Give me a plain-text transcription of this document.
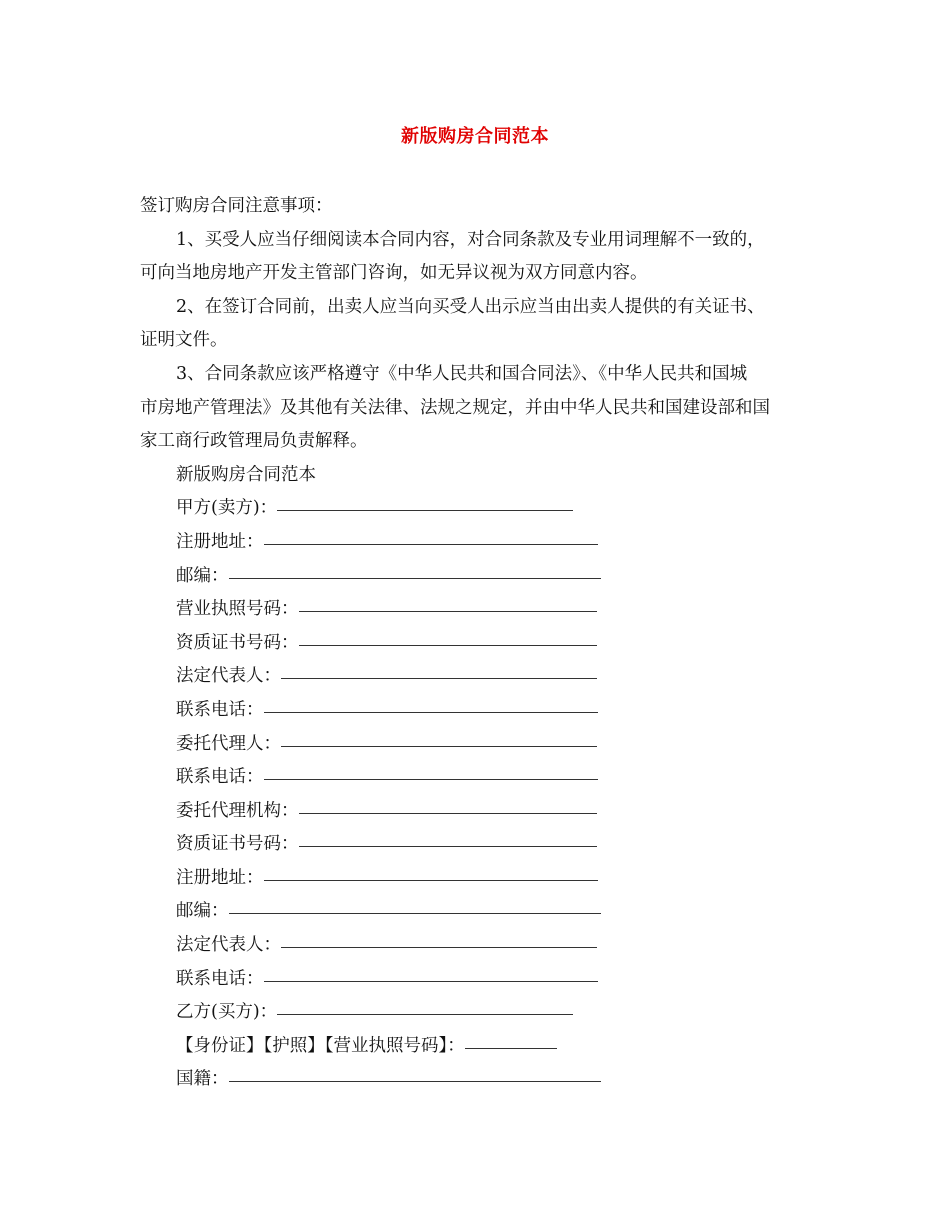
新版购房合同范本
签订购房合同注意事项：
1、买受人应当仔细阅读本合同内容，对合同条款及专业用词理解不一致的，
可向当地房地产开发主管部门咨询，如无异议视为双方同意内容。
2、在签订合同前，出卖人应当向买受人出示应当由出卖人提供的有关证书、
证明文件。
3、合同条款应该严格遵守《中华人民共和国合同法》、《中华人民共和国城
市房地产管理法》及其他有关法律、法规之规定，并由中华人民共和国建设部和国
家工商行政管理局负责解释。
新版购房合同范本
甲方(卖方)：
注册地址：
邮编：
营业执照号码：
资质证书号码：
法定代表人：
联系电话：
委托代理人：
联系电话：
委托代理机构：
资质证书号码：
注册地址：
邮编：
法定代表人：
联系电话：
乙方(买方)：
【身份证】【护照】【营业执照号码】：
国籍：
